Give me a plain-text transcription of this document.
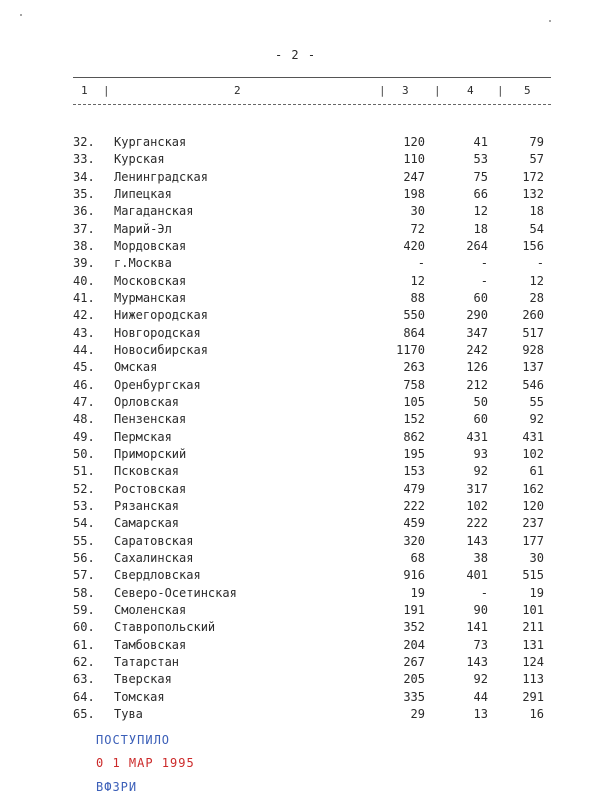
- 2 -
1 |	2	| 3 | 4 | 5
32. Курганская	120	41	79
33. Курская	110	53	57
34. Ленинградская	247	75	172
35. Липецкая	198	66	132
36. Магаданская	30	12	18
37. Марий-Эл	72	18	54
38. Мордовская	420	264	156
39. г.Москва	-	-	-
40. Московская	12	-	12
41. Мурманская	88	60	28
42. Нижегородская	550	290	260
43. Новгородская	864	347	517
44. Новосибирская	1170	242	928
45. Омская	263	126	137
46. Оренбургская	758	212	546
47. Орловская	105	50	55
48. Пензенская	152	60	92
49. Пермская	862	431	431
50. Приморский	195	93	102
51. Псковская	153	92	61
52. Ростовская	479	317	162
53. Рязанская	222	102	120
54. Самарская	459	222	237
55. Саратовская	320	143	177
56. Сахалинская	68	38	30
57. Свердловская	916	401	515
58. Северо-Осетинская	19	-	19
59. Смоленская	191	90	101
60. Ставропольский	352	141	211
61. Тамбовская	204	73	131
62. Татарстан	267	143	124
63. Тверская	205	92	113
64. Томская	335	44	291
65. Тува	29	13	16
ПОСТУПИЛО
0 1 МАР 1995
ВФЗРИ
